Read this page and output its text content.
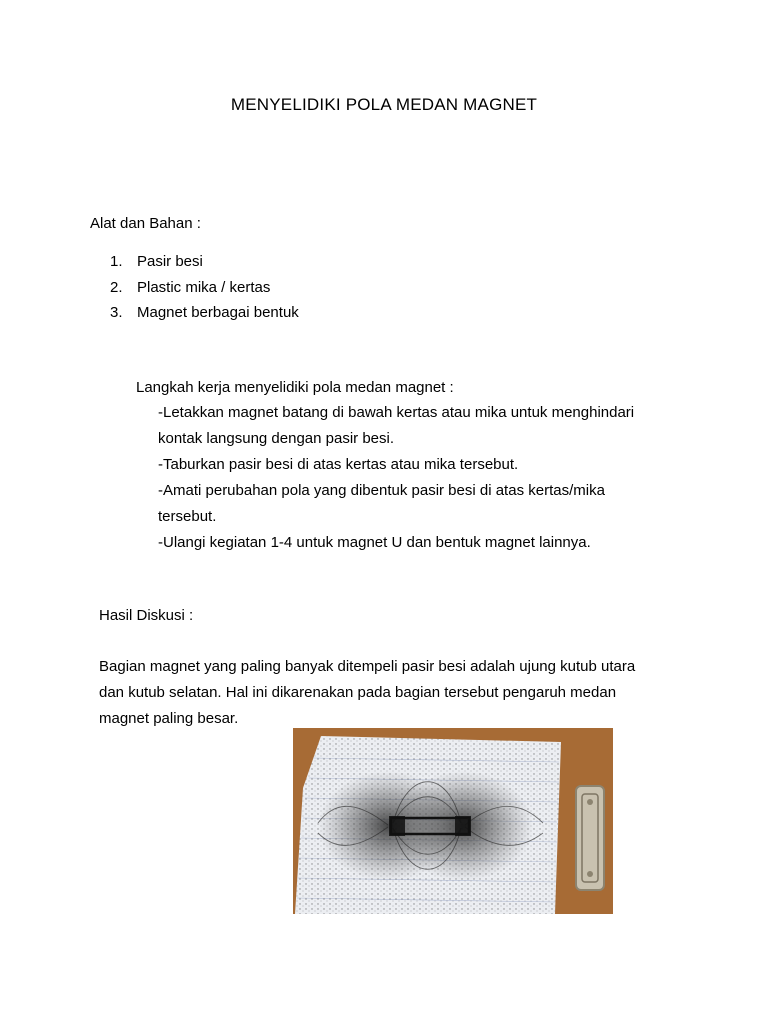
MENYELIDIKI POLA MEDAN MAGNET
Alat dan Bahan :
1. Pasir besi
2. Plastic mika / kertas
3. Magnet berbagai bentuk
Langkah kerja menyelidiki pola medan magnet :
-Letakkan magnet batang di bawah kertas atau mika untuk menghindari
kontak langsung dengan pasir besi.
-Taburkan pasir besi di atas kertas atau mika tersebut.
-Amati perubahan pola yang dibentuk pasir besi di atas kertas/mika
tersebut.
-Ulangi kegiatan 1-4 untuk magnet U dan bentuk magnet lainnya.
Hasil Diskusi :
Bagian magnet yang paling banyak ditempeli pasir besi adalah ujung kutub utara
dan kutub selatan. Hal ini dikarenakan pada bagian tersebut pengaruh medan
magnet paling besar.
